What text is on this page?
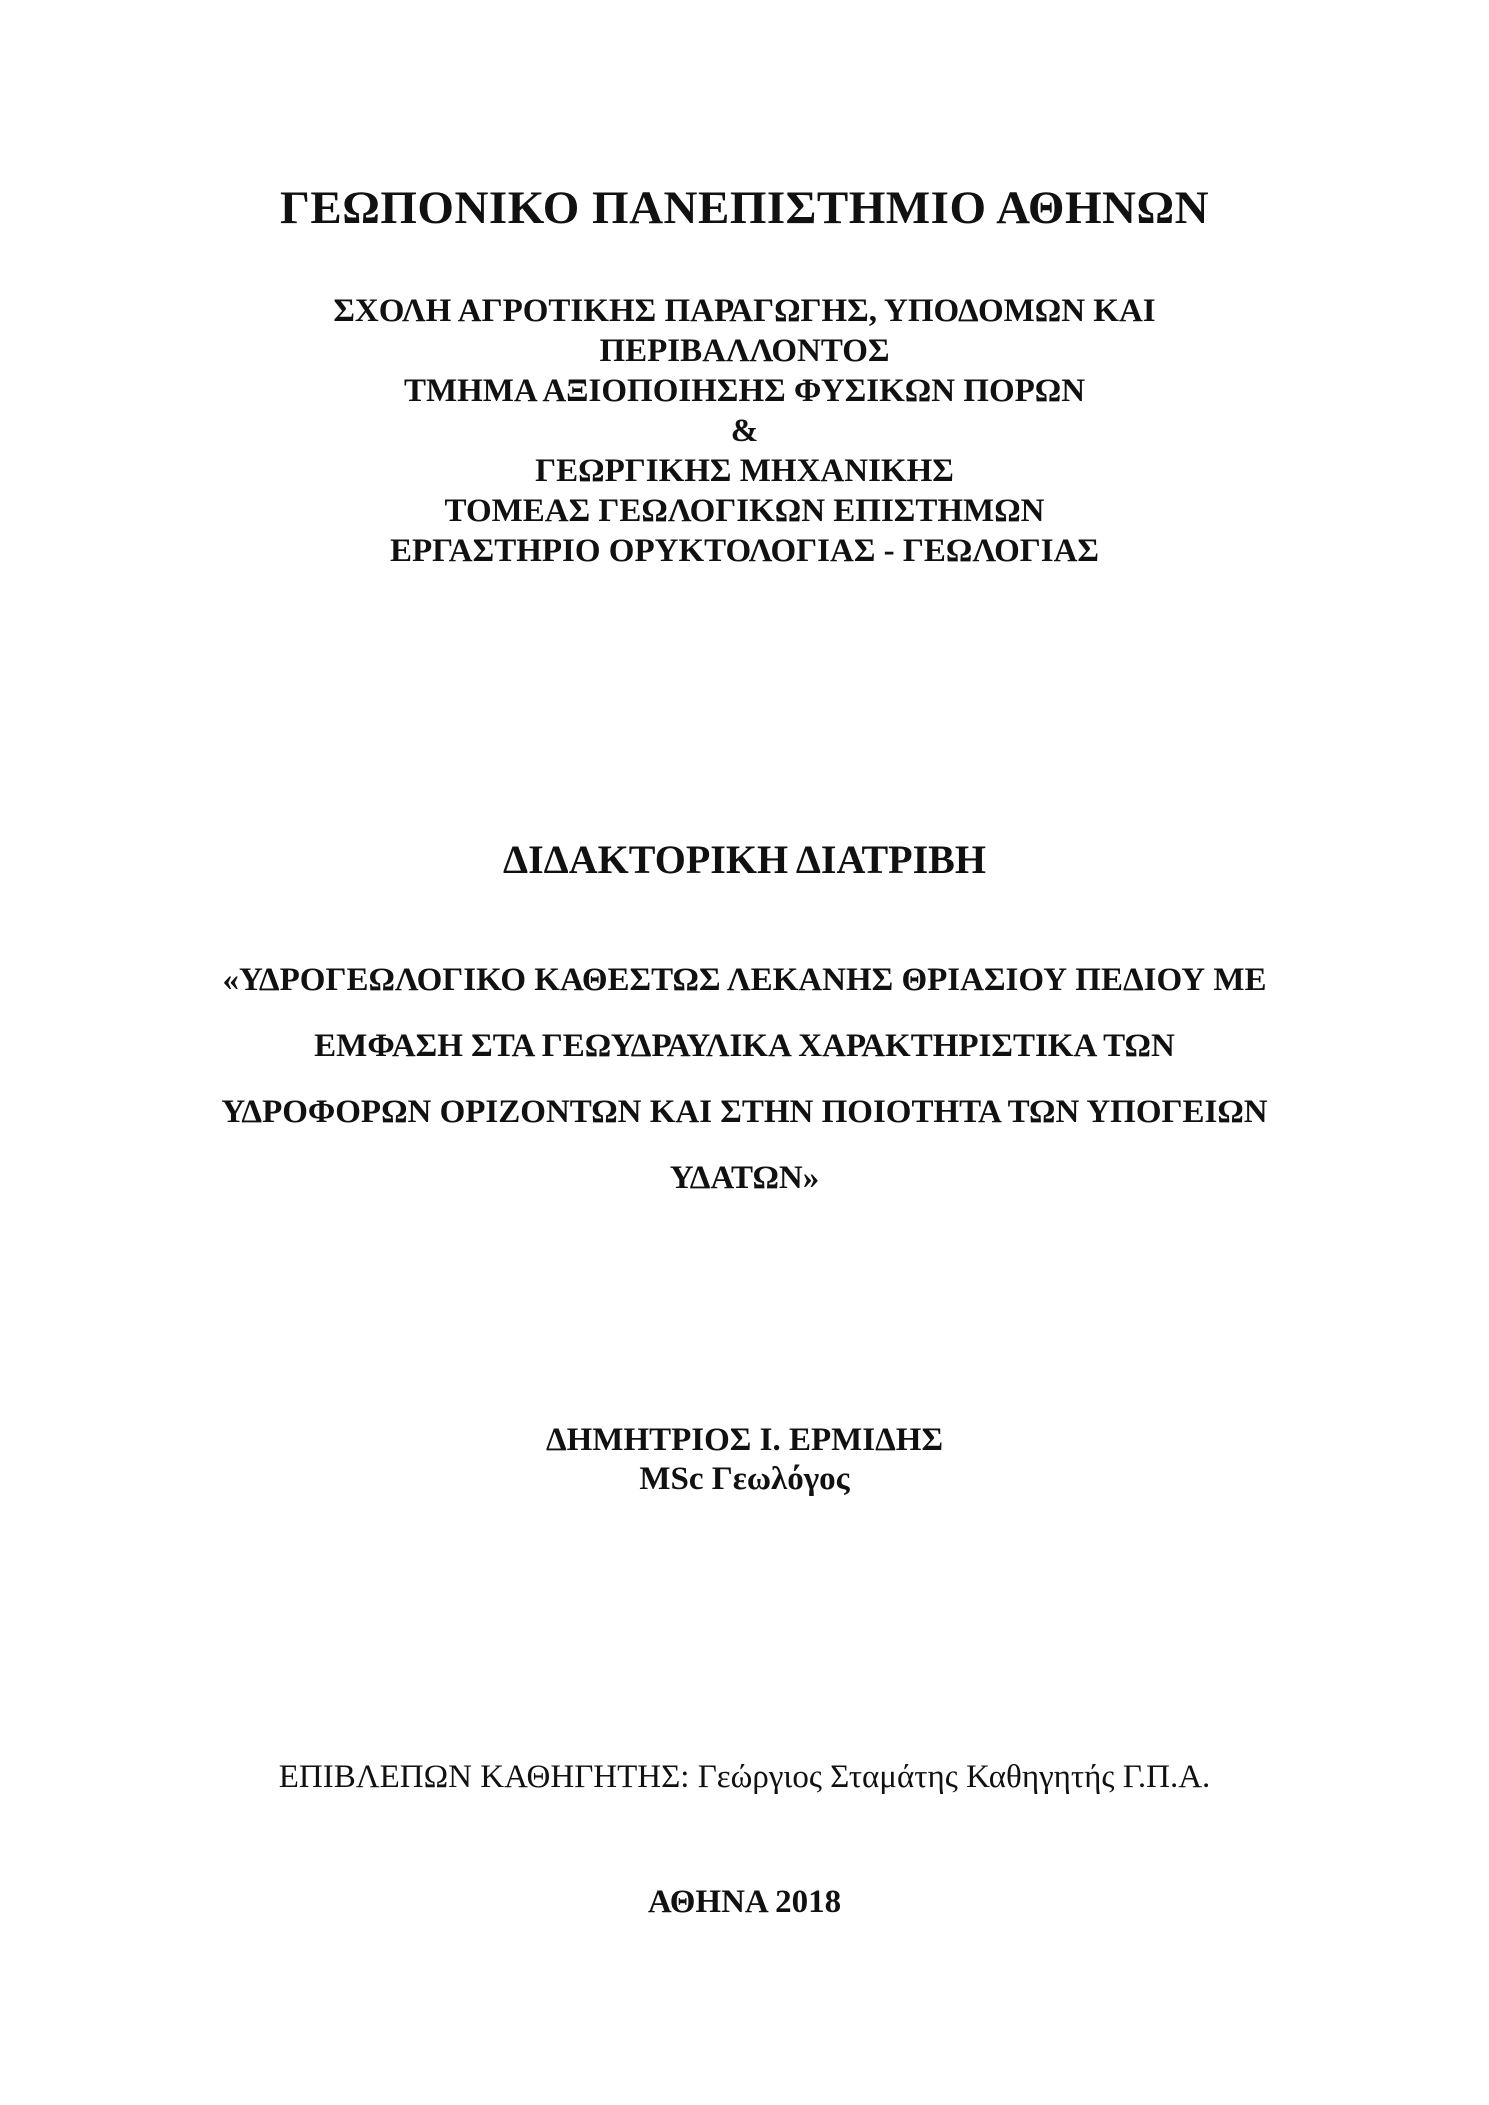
ΓΕΩΠΟΝΙΚΟ ΠΑΝΕΠΙΣΤΗΜΙΟ ΑΘΗΝΩΝ
ΣΧΟΛΗ ΑΓΡΟΤΙΚΗΣ ΠΑΡΑΓΩΓΗΣ, ΥΠΟΔΟΜΩΝ ΚΑΙ
ΠΕΡΙΒΑΛΛΟΝΤΟΣ
ΤΜΗΜΑ ΑΞΙΟΠΟΙΗΣΗΣ ΦΥΣΙΚΩΝ ΠΟΡΩΝ
&
ΓΕΩΡΓΙΚΗΣ ΜΗΧΑΝΙΚΗΣ
ΤΟΜΕΑΣ ΓΕΩΛΟΓΙΚΩΝ ΕΠΙΣΤΗΜΩΝ
ΕΡΓΑΣΤΗΡΙΟ ΟΡΥΚΤΟΛΟΓΙΑΣ - ΓΕΩΛΟΓΙΑΣ
ΔΙΔΑΚΤΟΡΙΚΗ ΔΙΑΤΡΙΒΗ
«ΥΔΡΟΓΕΩΛΟΓΙΚΟ ΚΑΘΕΣΤΩΣ ΛΕΚΑΝΗΣ ΘΡΙΑΣΙΟΥ ΠΕΔΙΟΥ ΜΕ
ΕΜΦΑΣΗ ΣΤΑ ΓΕΩΥΔΡΑΥΛΙΚΑ ΧΑΡΑΚΤΗΡΙΣΤΙΚΑ ΤΩΝ
ΥΔΡΟΦΟΡΩΝ ΟΡΙΖΟΝΤΩΝ ΚΑΙ ΣΤΗΝ ΠΟΙΟΤΗΤΑ ΤΩΝ ΥΠΟΓΕΙΩΝ
ΥΔΑΤΩΝ»
ΔΗΜΗΤΡΙΟΣ Ι. ΕΡΜΙΔΗΣ
MSc Γεωλόγος
ΕΠΙΒΛΕΠΩΝ ΚΑΘΗΓΗΤΗΣ: Γεώργιος Σταμάτης Καθηγητής Γ.Π.Α.
ΑΘΗΝΑ 2018
